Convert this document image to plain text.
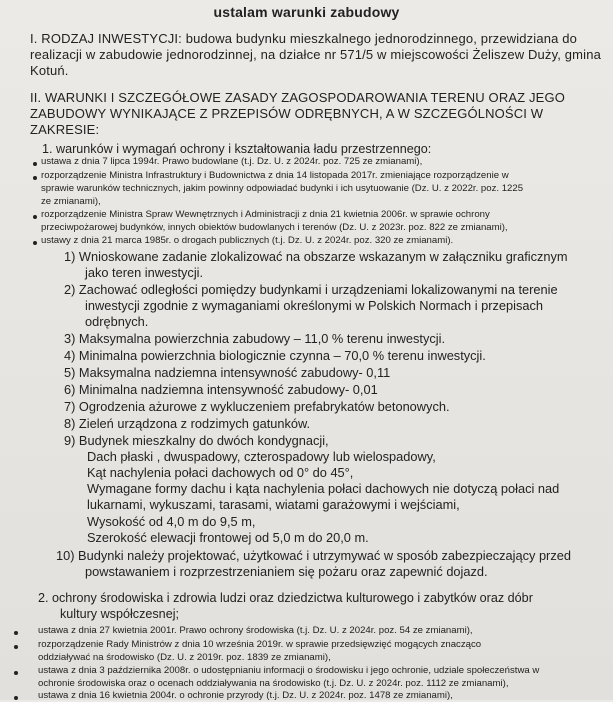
ustalam warunki zabudowy
I. RODZAJ INWESTYCJI: budowa budynku mieszkalnego jednorodzinnego, przewidziana do
realizacji w zabudowie jednorodzinnej, na działce nr 571/5 w miejscowości Żeliszew Duży, gmina
Kotuń.
II. WARUNKI I SZCZEGÓŁOWE ZASADY ZAGOSPODAROWANIA TERENU ORAZ JEGO
ZABUDOWY WYNIKAJĄCE Z PRZEPISÓW ODRĘBNYCH, A W SZCZEGÓLNOŚCI W
ZAKRESIE:
1. warunków i wymagań ochrony i kształtowania ładu przestrzennego:
ustawa z dnia 7 lipca 1994r. Prawo budowlane (t.j. Dz. U. z 2024r. poz. 725 ze zmianami),
rozporządzenie Ministra Infrastruktury i Budownictwa z dnia 14 listopada 2017r. zmieniające rozporządzenie w
sprawie warunków technicznych, jakim powinny odpowiadać budynki i ich usytuowanie (Dz. U. z 2022r. poz. 1225
ze zmianami),
rozporządzenie Ministra Spraw Wewnętrznych i Administracji z dnia 21 kwietnia 2006r. w sprawie ochrony
przeciwpożarowej budynków, innych obiektów budowlanych i terenów (Dz. U. z 2023r. poz. 822 ze zmianami),
ustawy z dnia 21 marca 1985r. o drogach publicznych (t.j. Dz. U. z 2024r. poz. 320 ze zmianami).
1) Wnioskowane zadanie zlokalizować na obszarze wskazanym w załączniku graficznym
jako teren inwestycji.
2) Zachować odległości pomiędzy budynkami i urządzeniami lokalizowanymi na terenie
inwestycji zgodnie z wymaganiami określonymi w Polskich Normach i przepisach
odrębnych.
3) Maksymalna powierzchnia zabudowy – 11,0 % terenu inwestycji.
4) Minimalna powierzchnia biologicznie czynna – 70,0 % terenu inwestycji.
5) Maksymalna nadziemna intensywność zabudowy- 0,11
6) Minimalna nadziemna intensywność zabudowy- 0,01
7) Ogrodzenia ażurowe z wykluczeniem prefabrykatów betonowych.
8) Zieleń urządzona z rodzimych gatunków.
9) Budynek mieszkalny do dwóch kondygnacji,
Dach płaski , dwuspadowy, czterospadowy lub wielospadowy,
Kąt nachylenia połaci dachowych od 0° do 45°,
Wymagane formy dachu i kąta nachylenia połaci dachowych nie dotyczą połaci nad
lukarnami, wykuszami, tarasami, wiatami garażowymi i wejściami,
Wysokość od 4,0 m do 9,5 m,
Szerokość elewacji frontowej od 5,0 m do 20,0 m.
10) Budynki należy projektować, użytkować i utrzymywać w sposób zabezpieczający przed
powstawaniem i rozprzestrzenianiem się pożaru oraz zapewnić dojazd.
2. ochrony środowiska i zdrowia ludzi oraz dziedzictwa kulturowego i zabytków oraz dóbr
kultury współczesnej;
ustawa z dnia 27 kwietnia 2001r. Prawo ochrony środowiska (t.j. Dz. U. z 2024r. poz. 54 ze zmianami),
rozporządzenie Rady Ministrów z dnia 10 września 2019r. w sprawie przedsięwzięć mogących znacząco
oddziaływać na środowisko (Dz. U. z 2019r. poz. 1839 ze zmianami),
ustawa z dnia 3 października 2008r. o udostępnianiu informacji o środowisku i jego ochronie, udziale społeczeństwa w
ochronie środowiska oraz o ocenach oddziaływania na środowisko (t.j. Dz. U. z 2024r. poz. 1112 ze zmianami),
ustawa z dnia 16 kwietnia 2004r. o ochronie przyrody (t.j. Dz. U. z 2024r. poz. 1478 ze zmianami),
